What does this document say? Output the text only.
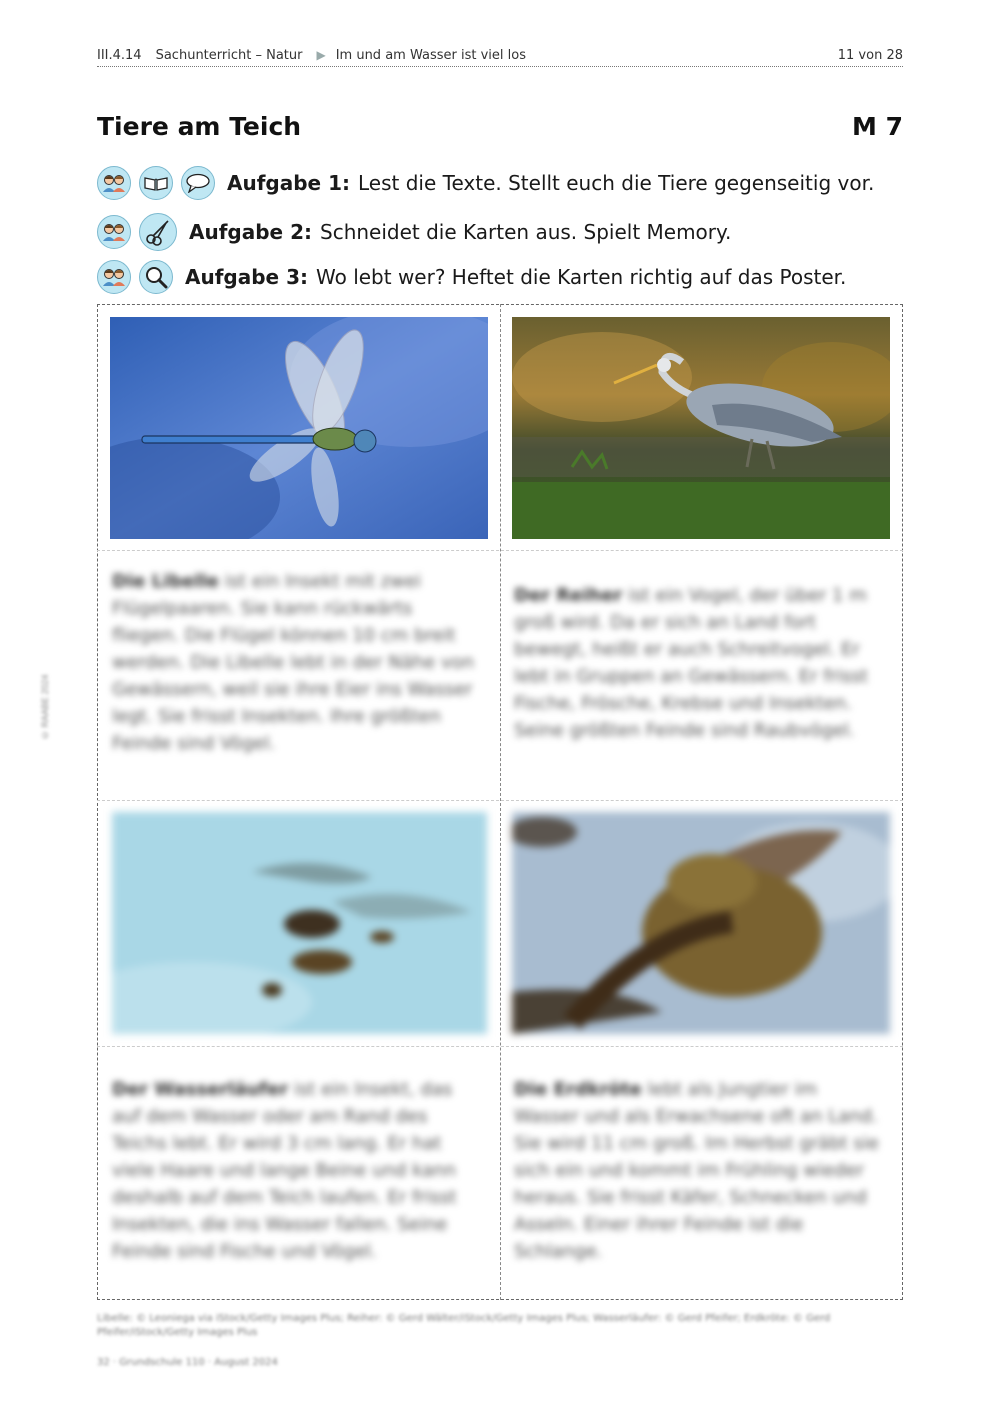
III.4.14 Sachunterricht – Natur ▶ Im und am Wasser ist viel los	11 von 28
Tiere am Teich	M 7
Aufgabe 1: Lest die Texte. Stellt euch die Tiere gegenseitig vor.
Aufgabe 2: Schneidet die Karten aus. Spielt Memory.
Aufgabe 3: Wo lebt wer? Heftet die Karten richtig auf das Poster.
Die Libelle ist ein Insekt mit zwei Flügelpaaren. Sie kann rückwärts fliegen. Die Flügel können 10 cm breit werden. Die Libelle lebt in der Nähe von Gewässern, weil sie ihre Eier ins Wasser legt. Sie frisst Insekten. Ihre größten Feinde sind Vögel.
Der Reiher ist ein Vogel, der über 1 m groß wird. Da er sich an Land fort bewegt, heißt er auch Schreitvogel. Er lebt in Gruppen an Gewässern. Er frisst Fische, Frösche, Krebse und Insekten. Seine größten Feinde sind Raubvögel.
Der Wasserläufer ist ein Insekt, das auf dem Wasser oder am Rand des Teichs lebt. Er wird 3 cm lang. Er hat viele Haare und lange Beine und kann deshalb auf dem Teich laufen. Er frisst Insekten, die ins Wasser fallen. Seine Feinde sind Fische und Vögel.
Die Erdkröte lebt als Jungtier im Wasser und als Erwachsene oft an Land. Sie wird 11 cm groß. Im Herbst gräbt sie sich ein und kommt im Frühling wieder heraus. Sie frisst Käfer, Schnecken und Asseln. Einer ihrer Feinde ist die Schlange.
© RAABE 2024
Libelle: © Leoniega via iStock/Getty Images Plus; Reiher: © Gerd Wälter/iStock/Getty Images Plus; Wasserläufer: © Gerd Pfeifer; Erdkröte: © Gerd Pfeifer/iStock/Getty Images Plus
32 · Grundschule 110 · August 2024
